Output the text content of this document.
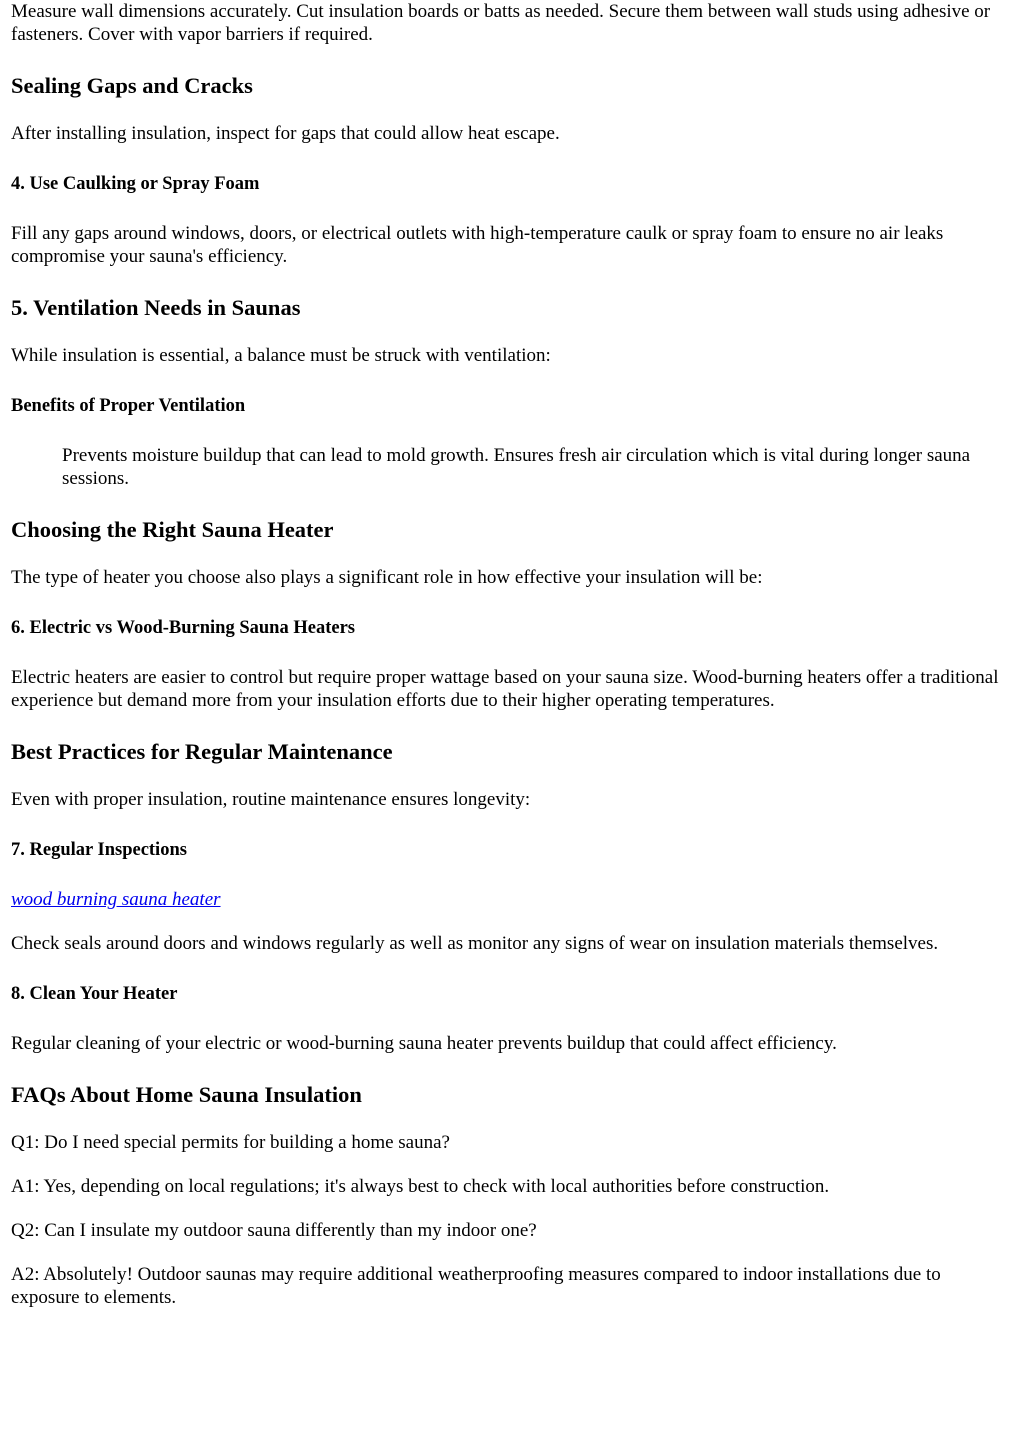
Measure wall dimensions accurately. Cut insulation boards or batts as needed. Secure them between wall studs using adhesive or fasteners. Cover with vapor barriers if required.

Sealing Gaps and Cracks

After installing insulation, inspect for gaps that could allow heat escape.

4. Use Caulking or Spray Foam

Fill any gaps around windows, doors, or electrical outlets with high-temperature caulk or spray foam to ensure no air leaks compromise your sauna's efficiency.

5. Ventilation Needs in Saunas

While insulation is essential, a balance must be struck with ventilation:

Benefits of Proper Ventilation

Prevents moisture buildup that can lead to mold growth. Ensures fresh air circulation which is vital during longer sauna sessions.

Choosing the Right Sauna Heater

The type of heater you choose also plays a significant role in how effective your insulation will be:

6. Electric vs Wood-Burning Sauna Heaters

Electric heaters are easier to control but require proper wattage based on your sauna size. Wood-burning heaters offer a traditional experience but demand more from your insulation efforts due to their higher operating temperatures.

Best Practices for Regular Maintenance

Even with proper insulation, routine maintenance ensures longevity:

7. Regular Inspections

wood burning sauna heater

Check seals around doors and windows regularly as well as monitor any signs of wear on insulation materials themselves.

8. Clean Your Heater

Regular cleaning of your electric or wood-burning sauna heater prevents buildup that could affect efficiency.

FAQs About Home Sauna Insulation

Q1: Do I need special permits for building a home sauna?

A1: Yes, depending on local regulations; it's always best to check with local authorities before construction.

Q2: Can I insulate my outdoor sauna differently than my indoor one?

A2: Absolutely! Outdoor saunas may require additional weatherproofing measures compared to indoor installations due to exposure to elements.
